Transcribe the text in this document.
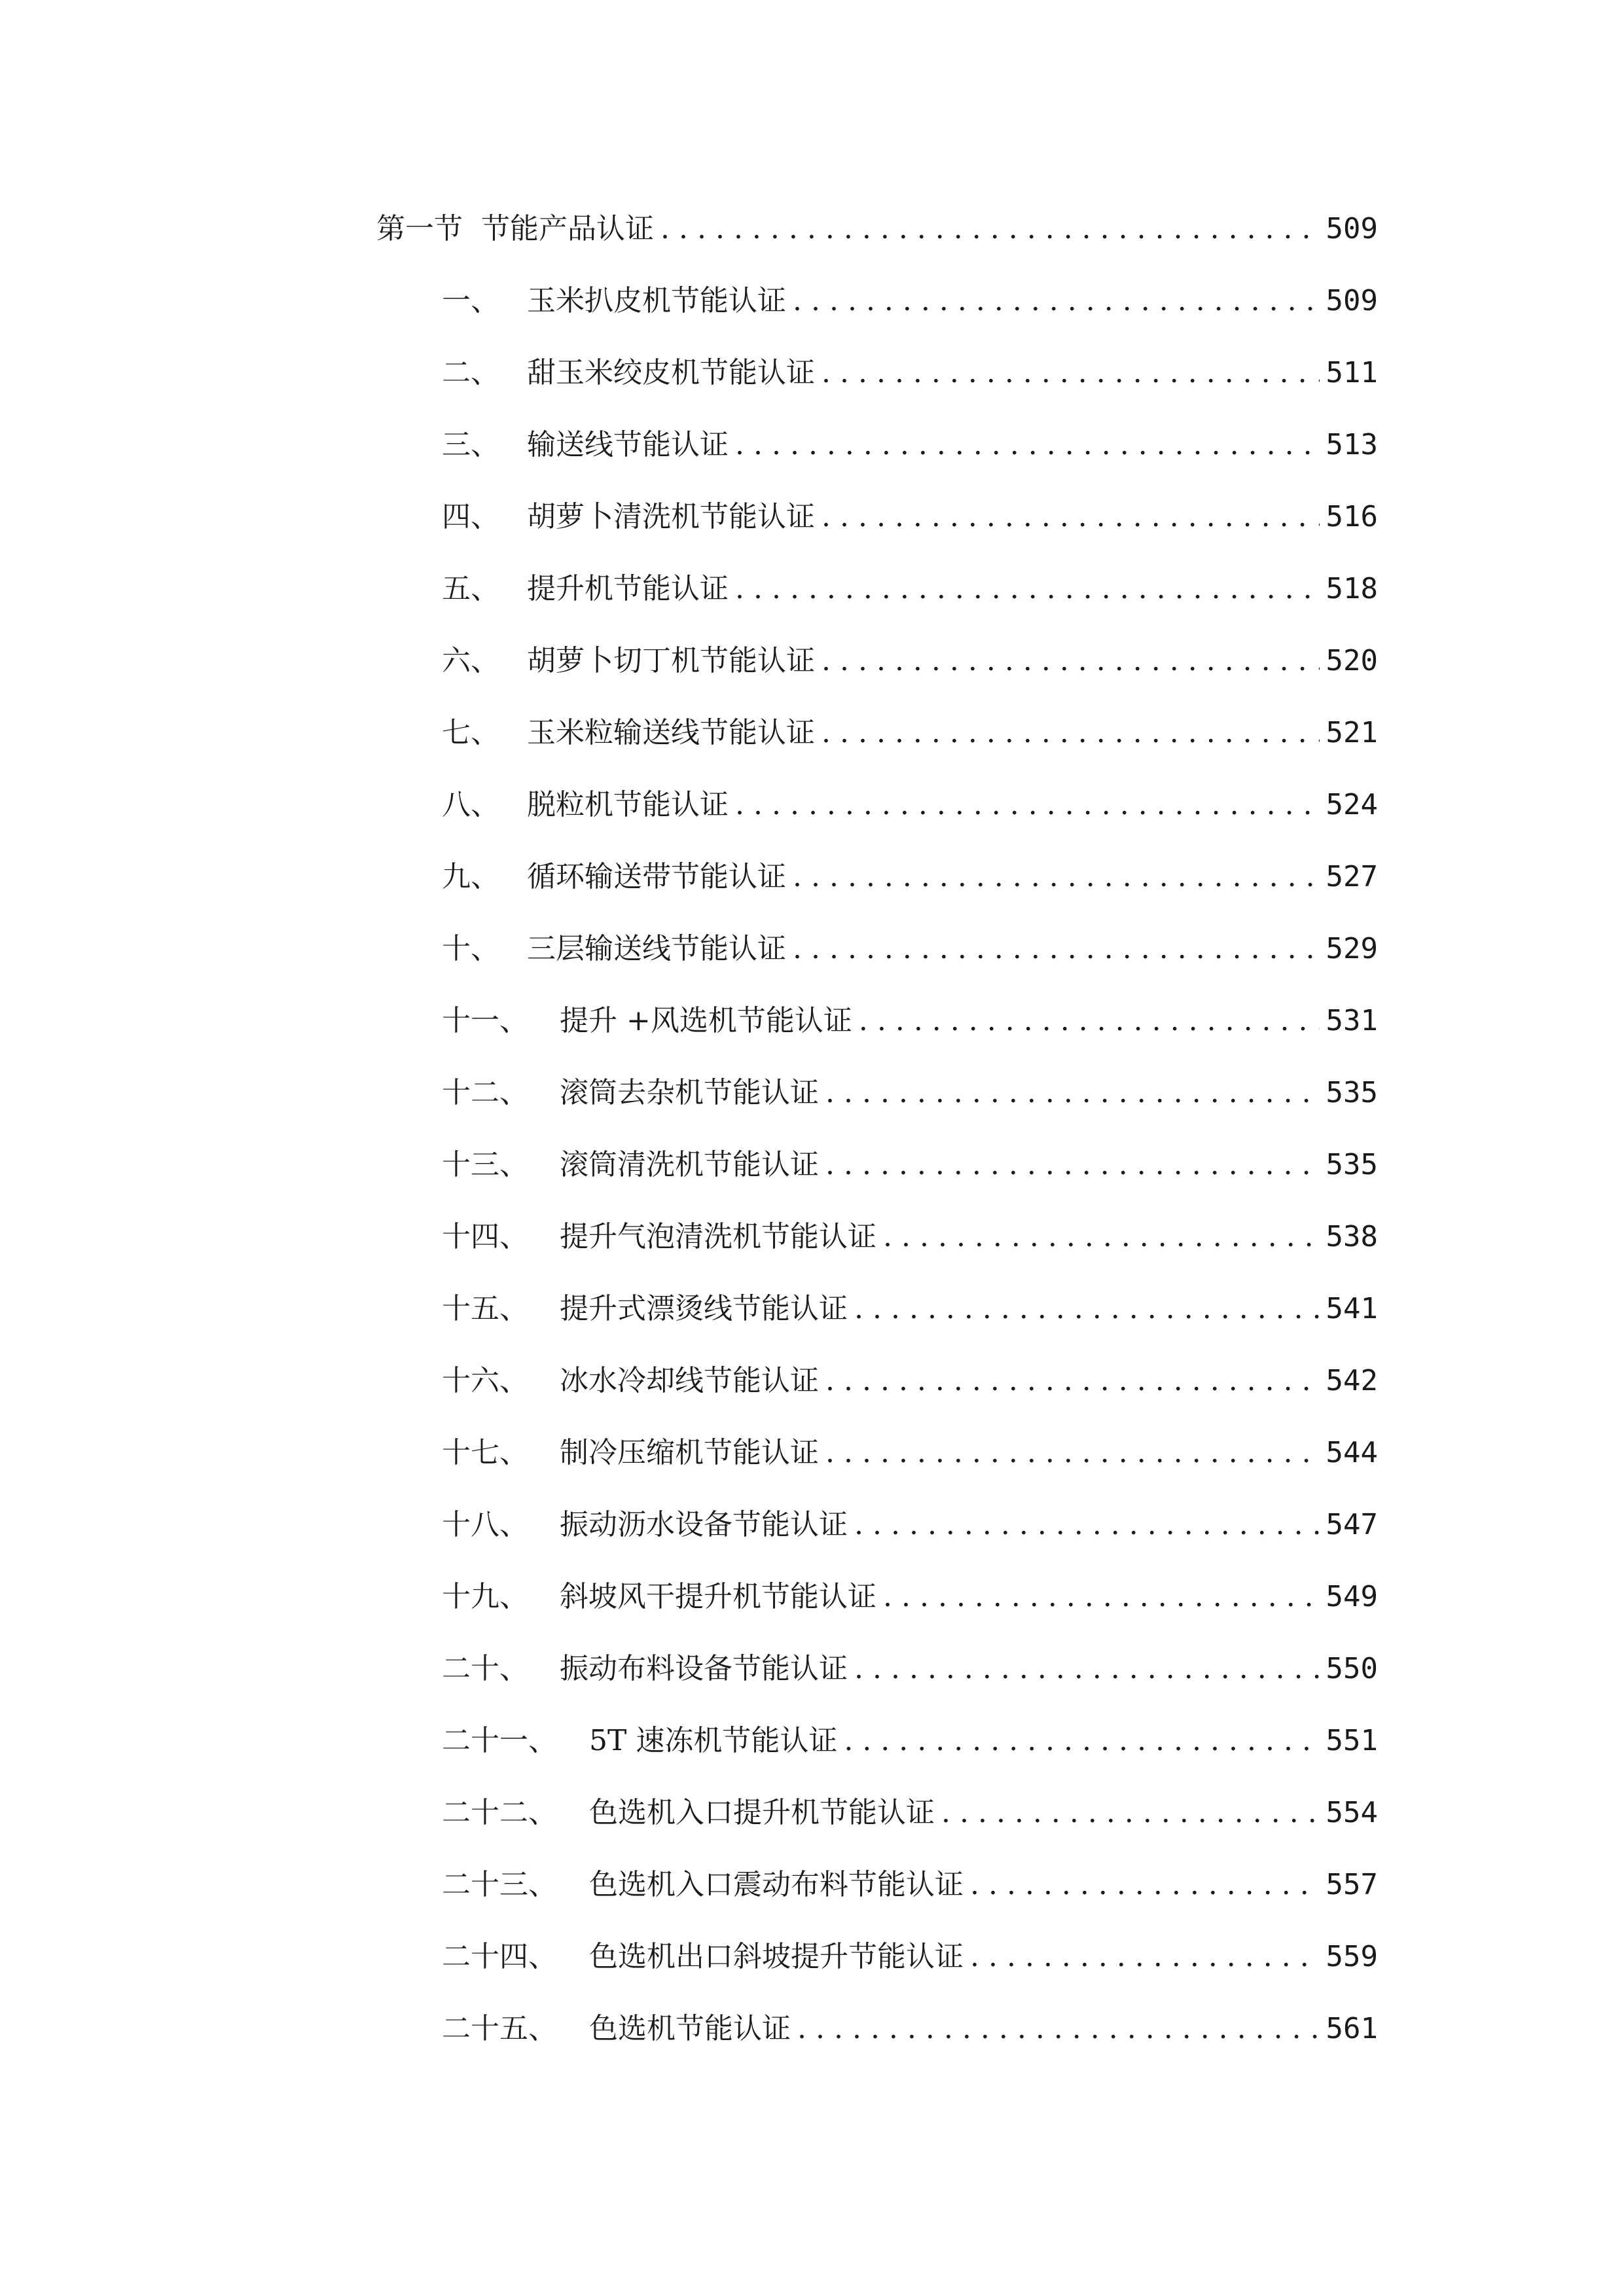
第一节 节能产品认证 .....	509
一、 玉米扒皮机节能认证 .....	509
二、 甜玉米绞皮机节能认证 .....	511
三、 输送线节能认证 .....	513
四、 胡萝卜清洗机节能认证 .....	516
五、 提升机节能认证 .....	518
六、 胡萝卜切丁机节能认证 .....	520
七、 玉米粒输送线节能认证 .....	521
八、 脱粒机节能认证 .....	524
九、 循环输送带节能认证 .....	527
十、 三层输送线节能认证 .....	529
十一、	提升 +风选机节能认证 .....	531
十二、	滚筒去杂机节能认证 .....	535
十三、	滚筒清洗机节能认证 .....	535
十四、	提升气泡清洗机节能认证 .....	538
十五、	提升式漂烫线节能认证 .....	541
十六、	冰水冷却线节能认证 .....	542
十七、	制冷压缩机节能认证 .....	544
十八、	振动沥水设备节能认证 .....	547
十九、	斜坡风干提升机节能认证 .....	549
二十、	振动布料设备节能认证 .....	550
二十一、	5T 速冻机节能认证 .....	551
二十二、	色选机入口提升机节能认证 .....	554
二十三、	色选机入口震动布料节能认证 .....	557
二十四、	色选机出口斜坡提升节能认证 .....	559
二十五、	色选机节能认证 .....	561
